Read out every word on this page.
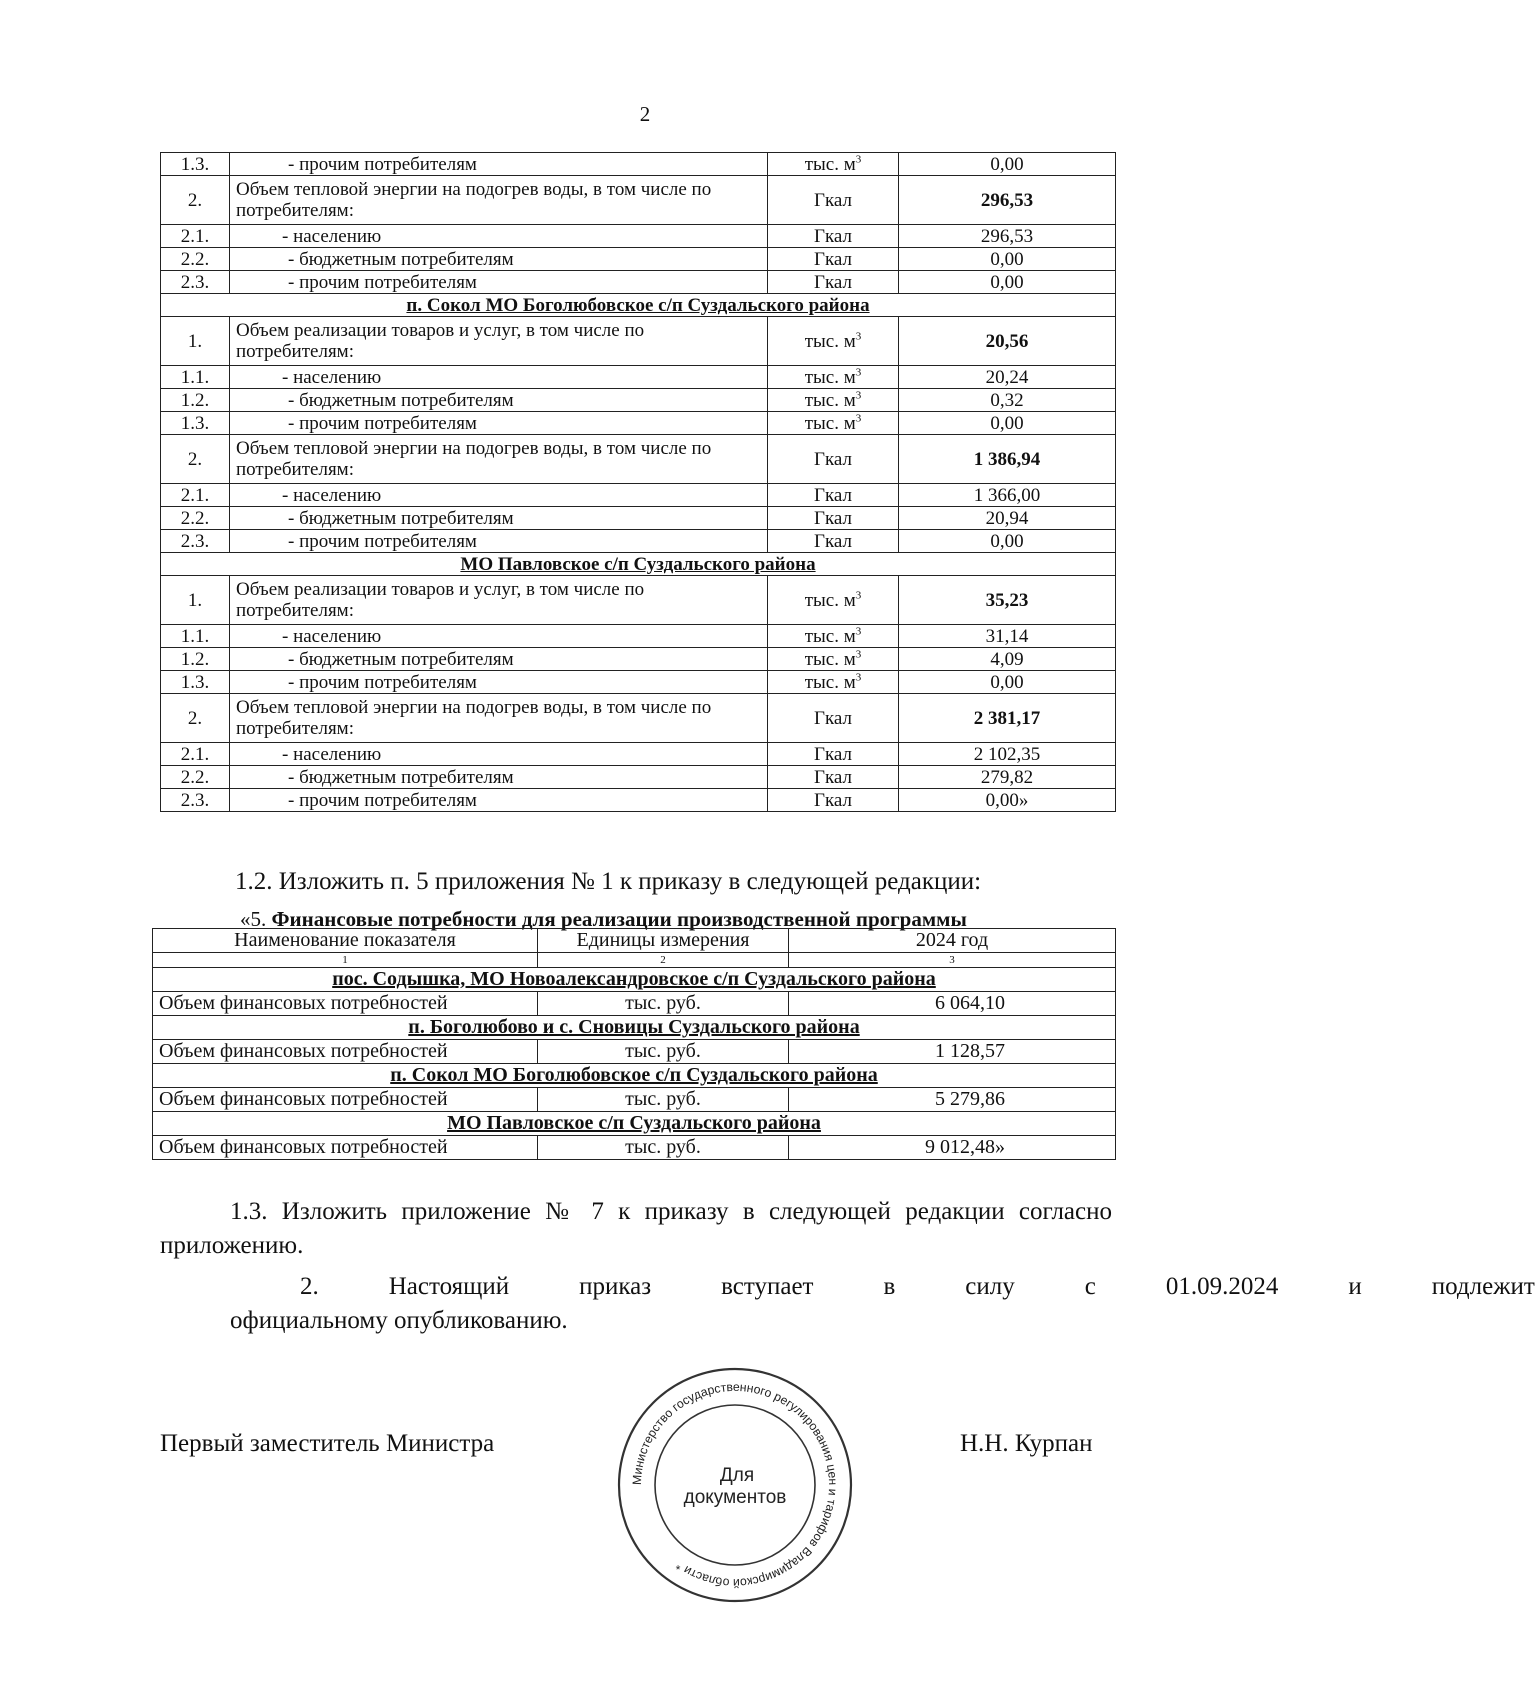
2
1.3.	- прочим потребителям	тыс. $м^3$	0,00
2.	Объем тепловой энергии на подогрев воды, в том числе по потребителям:	Гкал	296,53
2.1.	- населению	Гкал	296,53
2.2.	- бюджетным потребителям	Гкал	0,00
2.3.	- прочим потребителям	Гкал	0,00
п. Сокол МО Боголюбовское с/п Суздальского района			
1.	Объем реализации товаров и услуг, в том числе по потребителям:	тыс. $м^3$	20,56
1.1.	- населению	тыс. $м^3$	20,24
1.2.	- бюджетным потребителям	тыс. $м^3$	0,32
1.3.	- прочим потребителям	тыс. $м^3$	0,00
2.	Объем тепловой энергии на подогрев воды, в том числе по потребителям:	Гкал	1 386,94
2.1.	- населению	Гкал	1 366,00
2.2.	- бюджетным потребителям	Гкал	20,94
2.3.	- прочим потребителям	Гкал	0,00
МО Павловское с/п Суздальского района			
1.	Объем реализации товаров и услуг, в том числе по потребителям:	тыс. $м^3$	35,23
1.1.	- населению	тыс. $м^3$	31,14
1.2.	- бюджетным потребителям	тыс. $м^3$	4,09
1.3.	- прочим потребителям	тыс. $м^3$	0,00
2.	Объем тепловой энергии на подогрев воды, в том числе по потребителям:	Гкал	2 381,17
2.1.	- населению	Гкал	2 102,35
2.2.	- бюджетным потребителям	Гкал	279,82
2.3.	- прочим потребителям	Гкал	0,00»
1.2. Изложить п. 5 приложения № 1 к приказу в следующей редакции:
«5. Финансовые потребности для реализации производственной программы
Наименование показателя	Единицы измерения	2024 год
1	2	3
пос. Содышка, МО Новоалександровское с/п Суздальского района		
Объем финансовых потребностей	тыс. руб.	6 064,10
п. Боголюбово и с. Сновицы Суздальского района		
Объем финансовых потребностей	тыс. руб.	1 128,57
п. Сокол МО Боголюбовское с/п Суздальского района		
Объем финансовых потребностей	тыс. руб.	5 279,86
МО Павловское с/п Суздальского района		
Объем финансовых потребностей	тыс. руб.	9 012,48»
1.3. Изложить приложение № 7 к приказу в следующей редакции согласно приложению.
2.	Настоящий	приказ	вступает	в	силу	с	01.09.2024	и	подлежит
официальному опубликованию.
Первый заместитель Министра	Н.Н. Курпан
Министерство государственного регулирования цен и тарифов Владимирской области *
Для
документов
